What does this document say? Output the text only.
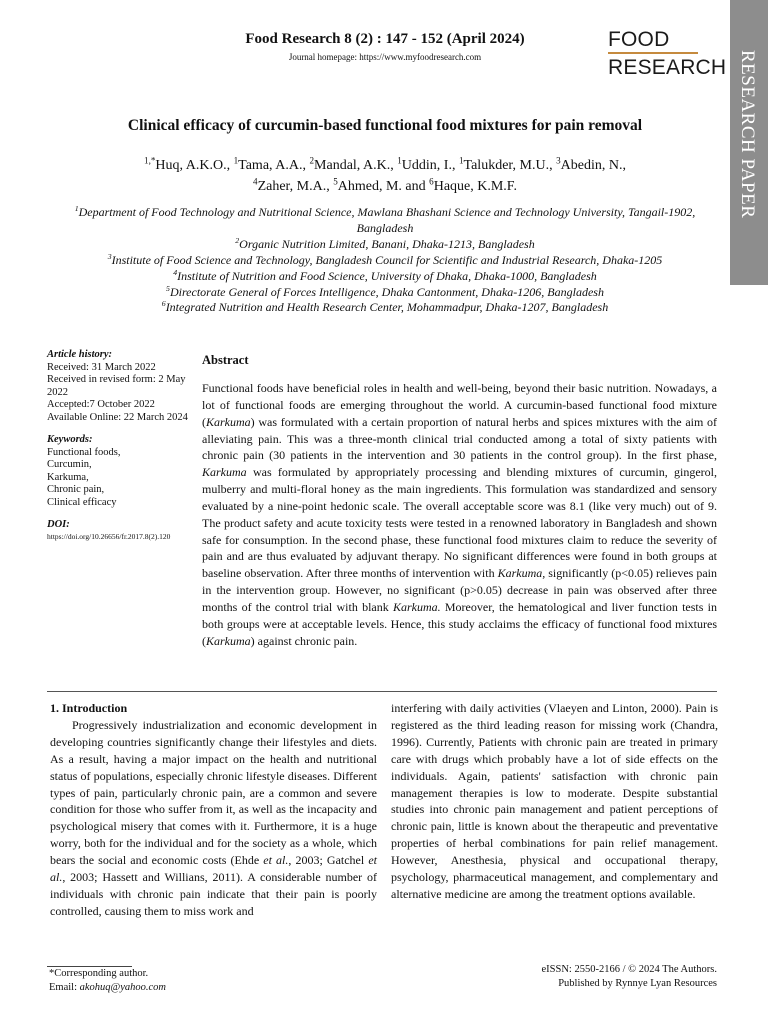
Food Research 8 (2) : 147 - 152 (April 2024)
Journal homepage: https://www.myfoodresearch.com
FOOD
RESEARCH RESEARCH PAPER
Clinical efficacy of curcumin-based functional food mixtures for pain removal
$^{1,*}$Huq, A.K.O., $^1$Tama, A.A., $^2$Mandal, A.K., $^1$Uddin, I., $^1$Talukder, M.U., $^3$Abedin, N.,
$^4$Zaher, M.A., $^5$Ahmed, M. and $^6$Haque, K.M.F.
$^1$Department of Food Technology and Nutritional Science, Mawlana Bhashani Science and Technology University, Tangail-1902, Bangladesh
$^2$Organic Nutrition Limited, Banani, Dhaka-1213, Bangladesh
$^3$Institute of Food Science and Technology, Bangladesh Council for Scientific and Industrial Research, Dhaka-1205
$^4$Institute of Nutrition and Food Science, University of Dhaka, Dhaka-1000, Bangladesh
$^5$Directorate General of Forces Intelligence, Dhaka Cantonment, Dhaka-1206, Bangladesh
$^6$Integrated Nutrition and Health Research Center, Mohammadpur, Dhaka-1207, Bangladesh
Article history:
Received: 31 March 2022
Received in revised form: 2 May 2022
Accepted:7 October 2022
Available Online: 22 March 2024
Keywords:
Functional foods,
Curcumin,
Karkuma,
Chronic pain,
Clinical efficacy
DOI:
https://doi.org/10.26656/fr.2017.8(2).120
Abstract
Functional foods have beneficial roles in health and well-being, beyond their basic nutrition. Nowadays, a lot of functional foods are emerging throughout the world. A curcumin-based functional food mixture (Karkuma) was formulated with a certain proportion of natural herbs and spices mixtures with the aim of alleviating pain. This was a three-month clinical trial conducted among a total of sixty patients with chronic pain (30 patients in the intervention and 30 patients in the control group). In the first phase, Karkuma was formulated by appropriately processing and blending mixtures of curcumin, gingerol, mulberry and multi-floral honey as the main ingredients. This formulation was standardized and sensory evaluated by a nine-point hedonic scale. The overall acceptable score was 8.1 (like very much) out of 9. The product safety and acute toxicity tests were tested in a renowned laboratory in Bangladesh and shown safe for consumption. In the second phase, these functional food mixtures claim to reduce the severity of pain and are thus evaluated by adjuvant therapy. No significant differences were found in both groups at baseline observation. After three months of intervention with Karkuma, significantly (p<0.05) relieves pain in the intervention group. However, no significant (p>0.05) decrease in pain was observed after three months of the control trial with blank Karkuma. Moreover, the hematological and liver function tests in both groups were at acceptable levels. Hence, this study acclaims the efficacy of functional food mixtures (Karkuma) against chronic pain.
1. Introduction

Progressively industrialization and economic development in developing countries significantly change their lifestyles and diets. As a result, having a major impact on the health and nutritional status of populations, especially chronic lifestyle diseases. Different types of pain, particularly chronic pain, are a common and severe condition for those who suffer from it, as well as the incapacity and psychological misery that comes with it. Furthermore, it is a huge worry, both for the individual and for the society as a whole, which bears the social and economic costs (Ehde et al., 2003; Gatchel et al., 2003; Hassett and Willians, 2011). A considerable number of individuals with chronic pain indicate that their pain is poorly controlled, causing them to miss work and

interfering with daily activities (Vlaeyen and Linton, 2000). Pain is registered as the third leading reason for missing work (Chandra, 1996). Currently, Patients with chronic pain are treated in primary care with drugs which probably have a lot of side effects on the individuals. Again, patients' satisfaction with chronic pain management therapies is low to moderate. Despite substantial studies into chronic pain management and patient perceptions of chronic pain, little is known about the therapeutic and preventative properties of herbal combinations for pain relief management. However, Anesthesia, physical and occupational therapy, psychology, pharmaceutical management, and complementary and alternative medicine are among the treatment options available.

*Corresponding author.
Email: akohuq@yahoo.com
eISSN: 2550-2166 / © 2024 The Authors.
Published by Rynnye Lyan Resources
